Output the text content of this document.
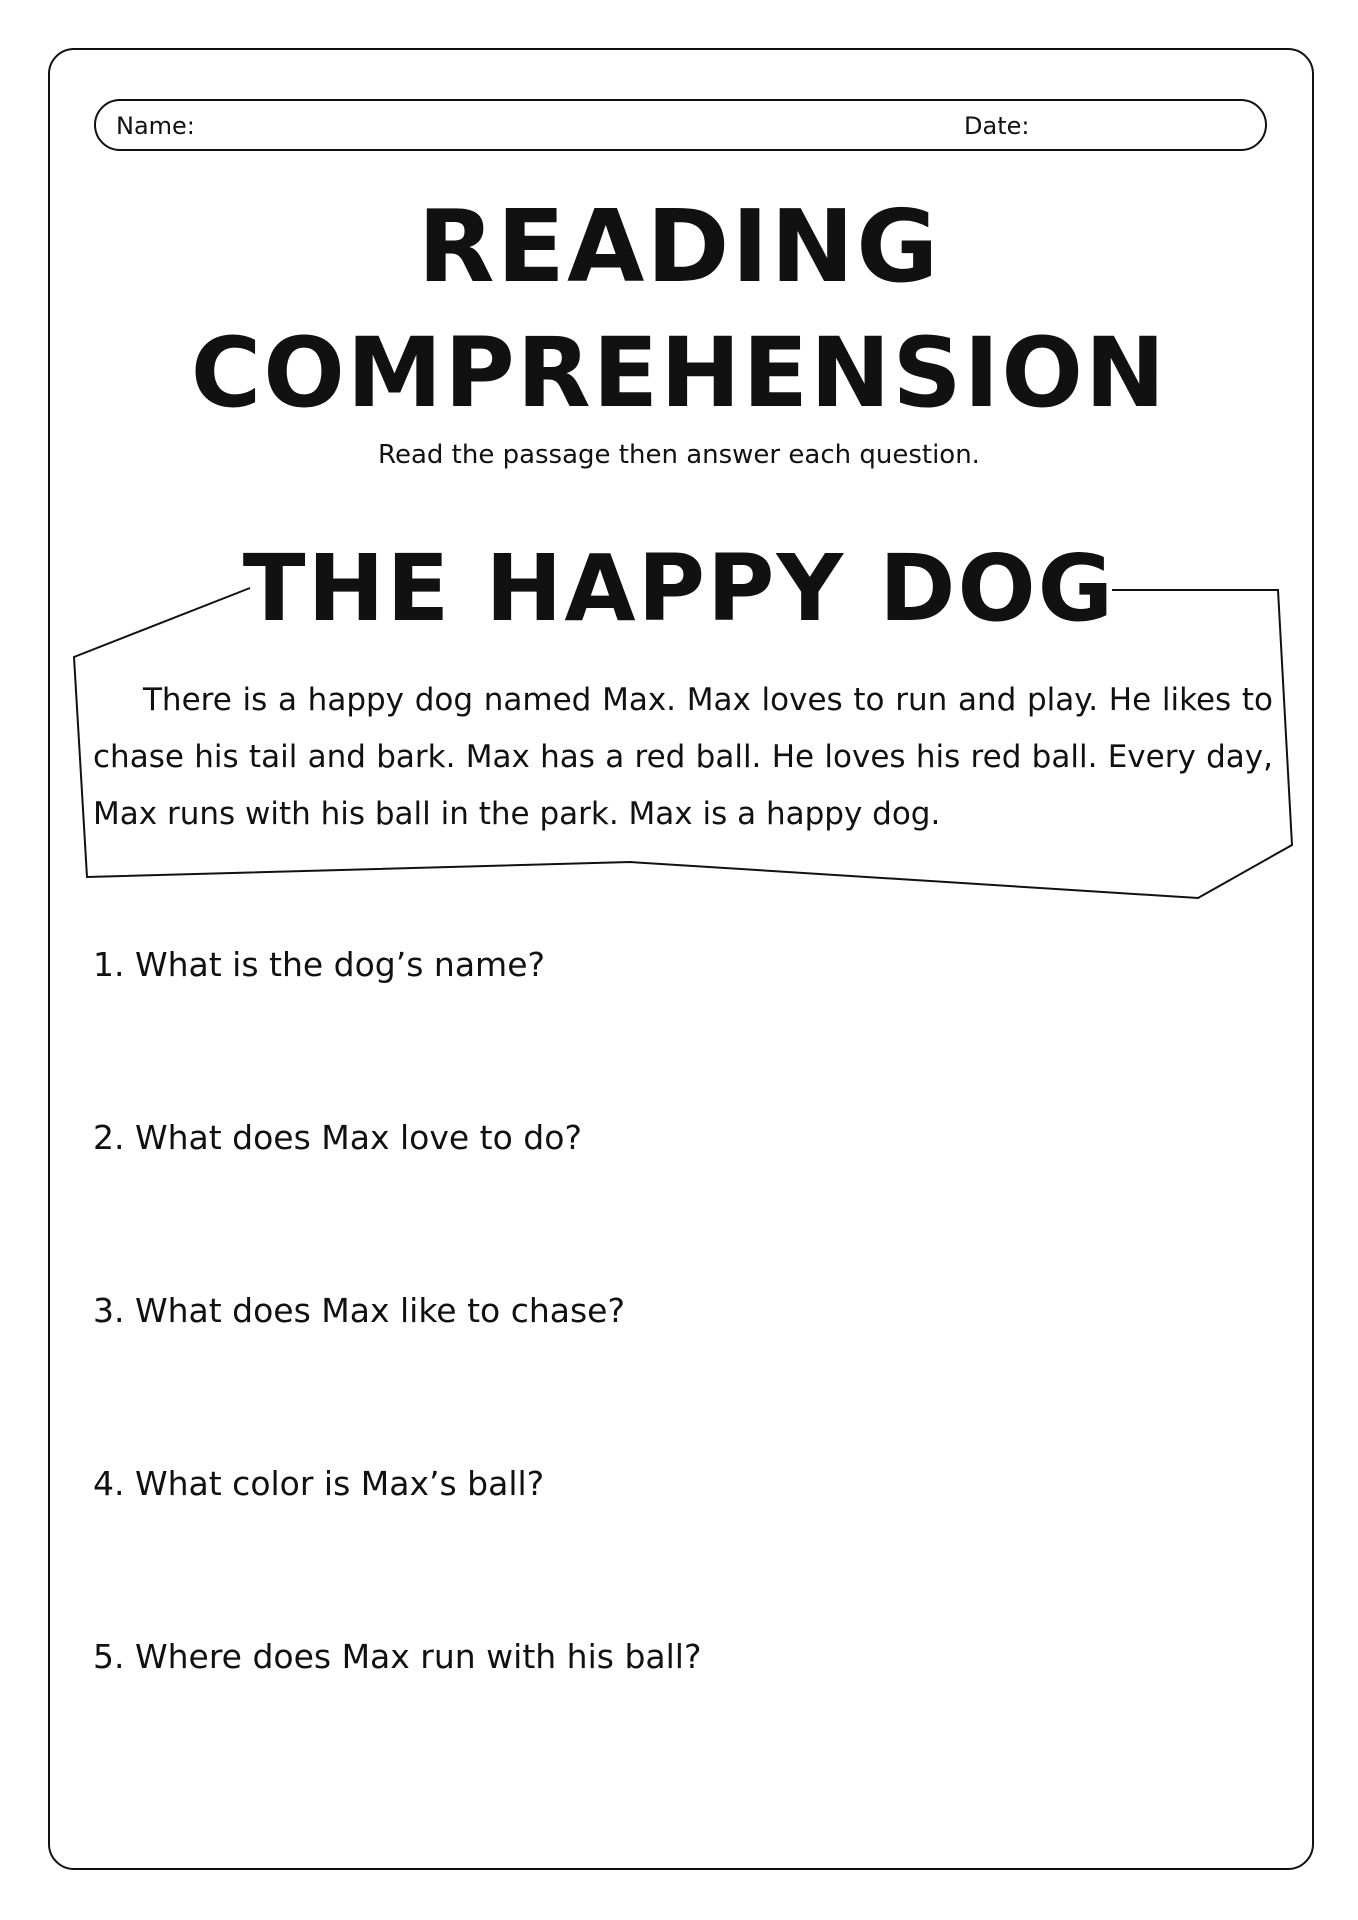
Name:	Date:
READING
COMPREHENSION
Read the passage then answer each question.
THE HAPPY DOG

There is a happy dog named Max. Max loves to run and play. He likes to chase his tail and bark. Max has a red ball. He loves his red ball. Every day, Max runs with his ball in the park. Max is a happy dog.

1. What is the dog’s name?

2. What does Max love to do?

3. What does Max like to chase?

4. What color is Max’s ball?

5. Where does Max run with his ball?
